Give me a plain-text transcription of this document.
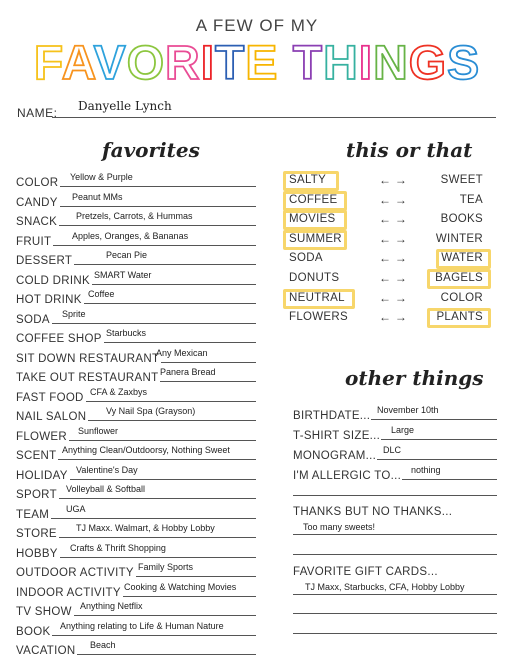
A FEW OF MY
FAVORITE THINGS
NAME: Danyelle Lynch
favorites
COLOR Yellow & Purple
CANDY Peanut MMs
SNACK Pretzels, Carrots, & Hummas
FRUIT Apples, Oranges, & Bananas
DESSERT	Pecan Pie
COLD DRINK SMART Water
HOT DRINK Coffee
SODA Sprite
COFFEE SHOP Starbucks
SIT DOWN RESTAURANT
Any Mexican
TAKE OUT RESTAURANT Panera Bread
FAST FOOD CFA & Zaxbys
NAIL SALON Vy Nail Spa (Grayson)
FLOWER Sunflower
SCENT Anything Clean/Outdoorsy, Nothing Sweet
HOLIDAY Valentine's Day
SPORT Volleyball & Softball
TEAM UGA
STORE TJ Maxx. Walmart, & Hobby Lobby
HOBBY Crafts & Thrift Shopping
OUTDOOR ACTIVITY Family Sports
INDOOR ACTIVITY Cooking & Watching Movies
TV SHOW Anything Netflix
BOOK Anything relating to Life & Human Nature
VACATION Beach
this or that
SALTY	← →	SWEET
COFFEE	← →	TEA
MOVIES	← →	BOOKS
SUMMER	← → WINTER
SODA	← →	WATER
DONUTS	← → BAGELS
NEUTRAL	← →	COLOR
FLOWERS	← →	PLANTS
other things
BIRTHDATE... November 10th
T-SHIRT SIZE... Large
MONOGRAM... DLC
I'M ALLERGIC TO... nothing
THANKS BUT NO THANKS...
Too many sweets!
FAVORITE GIFT CARDS...
TJ Maxx, Starbucks, CFA, Hobby Lobby
